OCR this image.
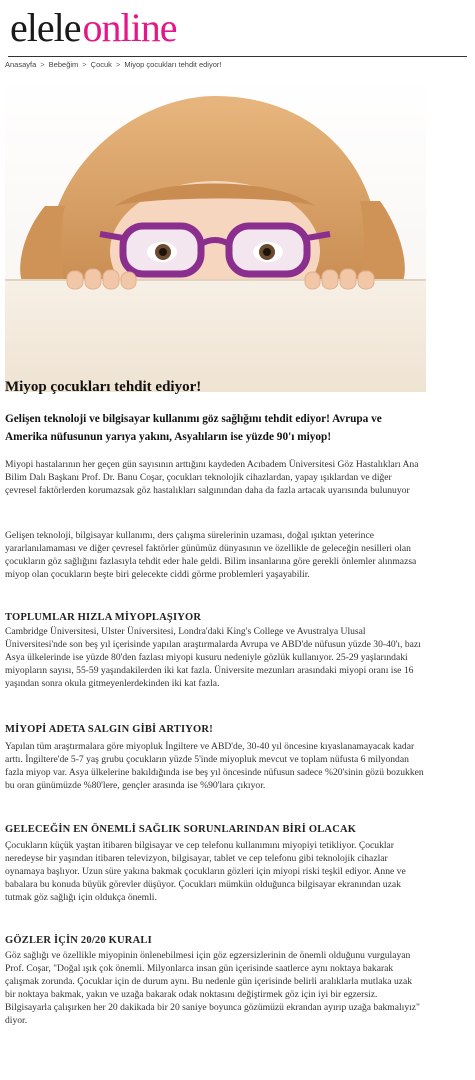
eleleonline
Anasayfa > Bebeğim > Çocuk > Miyop çocukları tehdit ediyor!
Miyop çocukları tehdit ediyor!
Gelişen teknoloji ve bilgisayar kullanımı göz sağlığını tehdit ediyor! Avrupa ve Amerika nüfusunun yarıya yakını, Asyalıların ise yüzde 90'ı miyop!
Miyopi hastalarının her geçen gün sayısının arttığını kaydeden Acıbadem Üniversitesi Göz Hastalıkları Ana Bilim Dalı Başkanı Prof. Dr. Banu Coşar, çocukları teknolojik cihazlardan, yapay ışıklardan ve diğer çevresel faktörlerden korumazsak göz hastalıkları salgınından daha da fazla artacak uyarısında bulunuyor
Gelişen teknoloji, bilgisayar kullanımı, ders çalışma sürelerinin uzaması, doğal ışıktan yeterince yararlanılamaması ve diğer çevresel faktörler günümüz dünyasının ve özellikle de geleceğin nesilleri olan çocukların göz sağlığını fazlasıyla tehdit eder hale geldi. Bilim insanlarına göre gerekli önlemler alınmazsa miyop olan çocukların beşte biri gelecekte ciddi görme problemleri yaşayabilir.
TOPLUMLAR HIZLA MİYOPLAŞIYOR
Cambridge Üniversitesi, Ulster Üniversitesi, Londra'daki King's College ve Avustralya Ulusal Üniversitesi'nde son beş yıl içerisinde yapılan araştırmalarda Avrupa ve ABD'de nüfusun yüzde 30-40'ı, bazı Asya ülkelerinde ise yüzde 80'den fazlası miyopi kusuru nedeniyle gözlük kullanıyor. 25-29 yaşlarındaki miyopların sayısı, 55-59 yaşındakilerden iki kat fazla. Üniversite mezunları arasındaki miyopi oranı ise 16 yaşından sonra okula gitmeyenlerdekinden iki kat fazla.
MİYOPİ ADETA SALGIN GİBİ ARTIYOR!
Yapılan tüm araştırmalara göre miyopluk İngiltere ve ABD'de, 30-40 yıl öncesine kıyaslanamayacak kadar arttı. İngiltere'de 5-7 yaş grubu çocukların yüzde 5'inde miyopluk mevcut ve toplam nüfusta 6 milyondan fazla miyop var. Asya ülkelerine bakıldığında ise beş yıl öncesinde nüfusun sadece %20'sinin gözü bozukken bu oran günümüzde %80'lere, gençler arasında ise %90'lara çıkıyor.
GELECEĞİN EN ÖNEMLİ SAĞLIK SORUNLARINDAN BİRİ OLACAK
Çocukların küçük yaştan itibaren bilgisayar ve cep telefonu kullanımını miyopiyi tetikliyor. Çocuklar neredeyse bir yaşından itibaren televizyon, bilgisayar, tablet ve cep telefonu gibi teknolojik cihazlar oynamaya başlıyor. Uzun süre yakına bakmak çocukların gözleri için miyopi riski teşkil ediyor. Anne ve babalara bu konuda büyük görevler düşüyor. Çocukları mümkün olduğunca bilgisayar ekranından uzak tutmak göz sağlığı için oldukça önemli.
GÖZLER İÇİN 20/20 KURALI
Göz sağlığı ve özellikle miyopinin önlenebilmesi için göz egzersizlerinin de önemli olduğunu vurgulayan Prof. Coşar, "Doğal ışık çok önemli. Milyonlarca insan gün içerisinde saatlerce aynı noktaya bakarak çalışmak zorunda. Çocuklar için de durum aynı. Bu nedenle gün içerisinde belirli aralıklarla mutlaka uzak bir noktaya bakmak, yakın ve uzağa bakarak odak noktasını değiştirmek göz için iyi bir egzersiz. Bilgisayarla çalışırken her 20 dakikada bir 20 saniye boyunca gözümüzü ekrandan ayırıp uzağa bakmalıyız" diyor.
